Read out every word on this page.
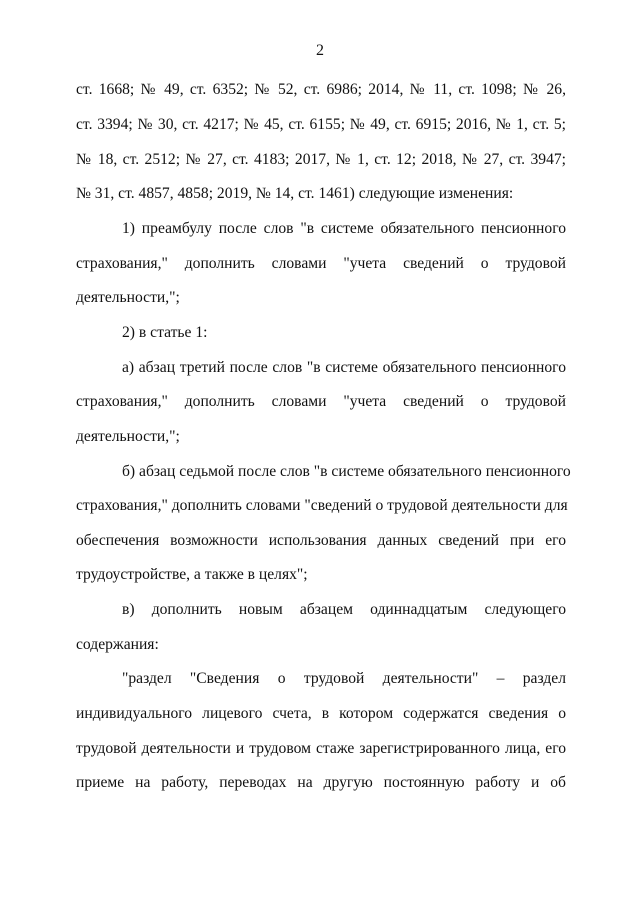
2
ст. 1668; № 49, ст. 6352; № 52, ст. 6986; 2014, № 11, ст. 1098; № 26,
ст. 3394; № 30, ст. 4217; № 45, ст. 6155; № 49, ст. 6915; 2016, № 1, ст. 5;
№ 18, ст. 2512; № 27, ст. 4183; 2017, № 1, ст. 12; 2018, № 27, ст. 3947;
№ 31, ст. 4857, 4858; 2019, № 14, ст. 1461) следующие изменения:
1) преамбулу после слов "в системе обязательного пенсионного
страхования," дополнить словами "учета сведений о трудовой
деятельности,";
2) в статье 1:
а) абзац третий после слов "в системе обязательного пенсионного
страхования," дополнить словами "учета сведений о трудовой
деятельности,";
б) абзац седьмой после слов "в системе обязательного пенсионного
страхования," дополнить словами "сведений о трудовой деятельности для
обеспечения возможности использования данных сведений при его
трудоустройстве, а также в целях";
в) дополнить новым абзацем одиннадцатым следующего
содержания:
"раздел "Сведения о трудовой деятельности" – раздел
индивидуального лицевого счета, в котором содержатся сведения о
трудовой деятельности и трудовом стаже зарегистрированного лица, его
приеме на работу, переводах на другую постоянную работу и об
